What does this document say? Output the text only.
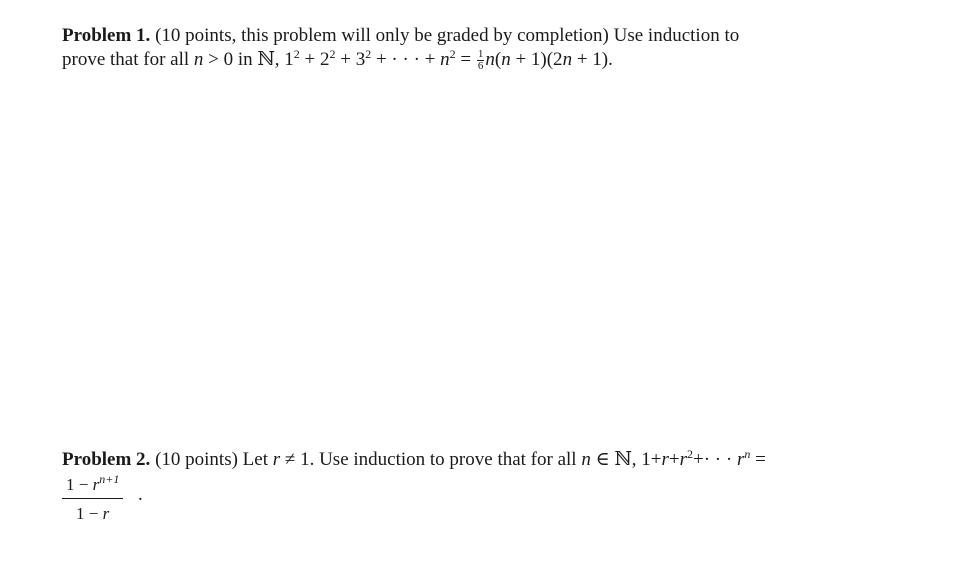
Problem 1. (10 points, this problem will only be graded by completion) Use induction to
prove that for all n > 0 in ℕ, $1^2 + 2^2 + 3^2$ + · · · + $n^2 = \frac{1}{6} n(n + 1)(2n + 1)$.
Problem 2. (10 points) Let r ≠ 1. Use induction to prove that for all n ∈ ℕ, $1+r+r^2+\cdot$ · · $r^n$ =
$\frac{1 - r^{n+1}}{1 - r}$ .
